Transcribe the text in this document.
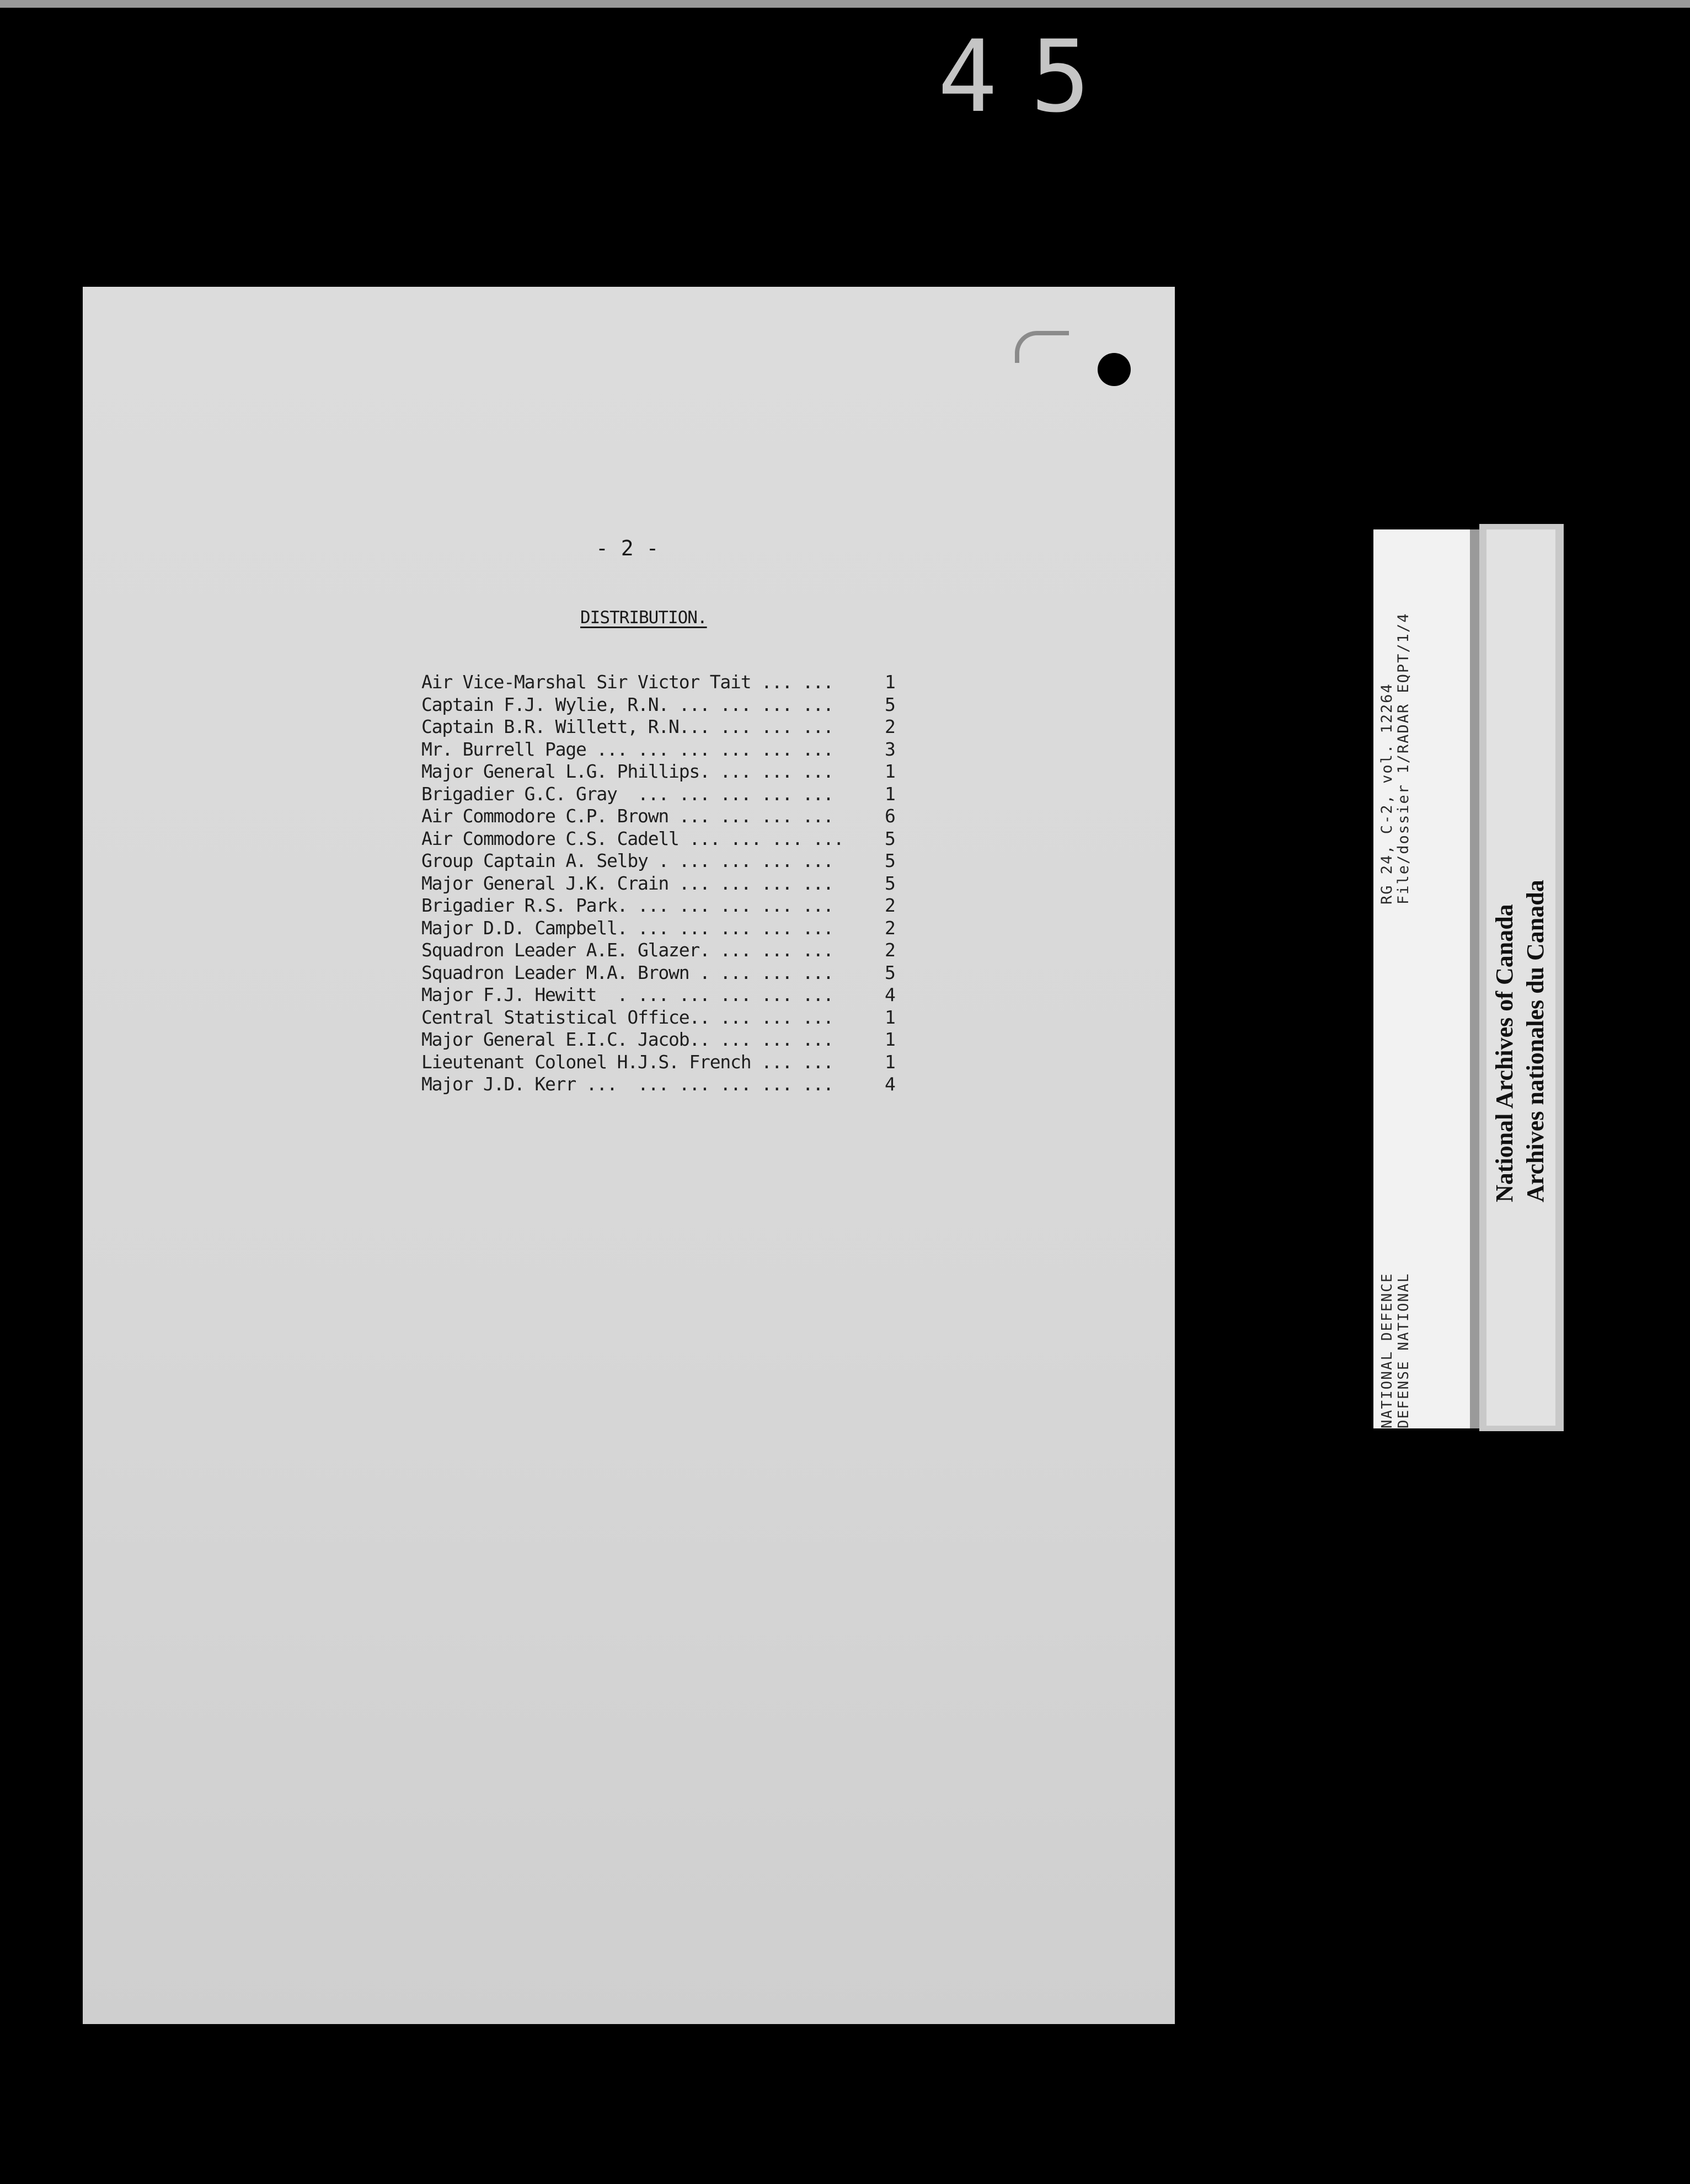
45
- 2 -
DISTRIBUTION.
Air Vice-Marshal Sir Victor Tait ... ...	1
Captain F.J. Wylie, R.N. ... ... ... ...	5
Captain B.R. Willett, R.N... ... ... ...	2
Mr. Burrell Page ... ... ... ... ... ...	3
Major General L.G. Phillips. ... ... ...	1
Brigadier G.C. Gray  ... ... ... ... ...	1
Air Commodore C.P. Brown ... ... ... ...	6
Air Commodore C.S. Cadell ... ... ... ...	5
Group Captain A. Selby . ... ... ... ...	5
Major General J.K. Crain ... ... ... ...	5
Brigadier R.S. Park. ... ... ... ... ...	2
Major D.D. Campbell. ... ... ... ... ...	2
Squadron Leader A.E. Glazer. ... ... ...	2
Squadron Leader M.A. Brown . ... ... ...	5
Major F.J. Hewitt  . ... ... ... ... ...	4
Central Statistical Office.. ... ... ...	1
Major General E.I.C. Jacob.. ... ... ...	1
Lieutenant Colonel H.J.S. French ... ...	1
Major J.D. Kerr ...  ... ... ... ... ...	4
NATIONAL DEFENCE DEFENSE NATIONAL
RG 24, C-2, vol. 12264 File/dossier 1/RADAR EQPT/1/4
National Archives of Canada Archives nationales du Canada
